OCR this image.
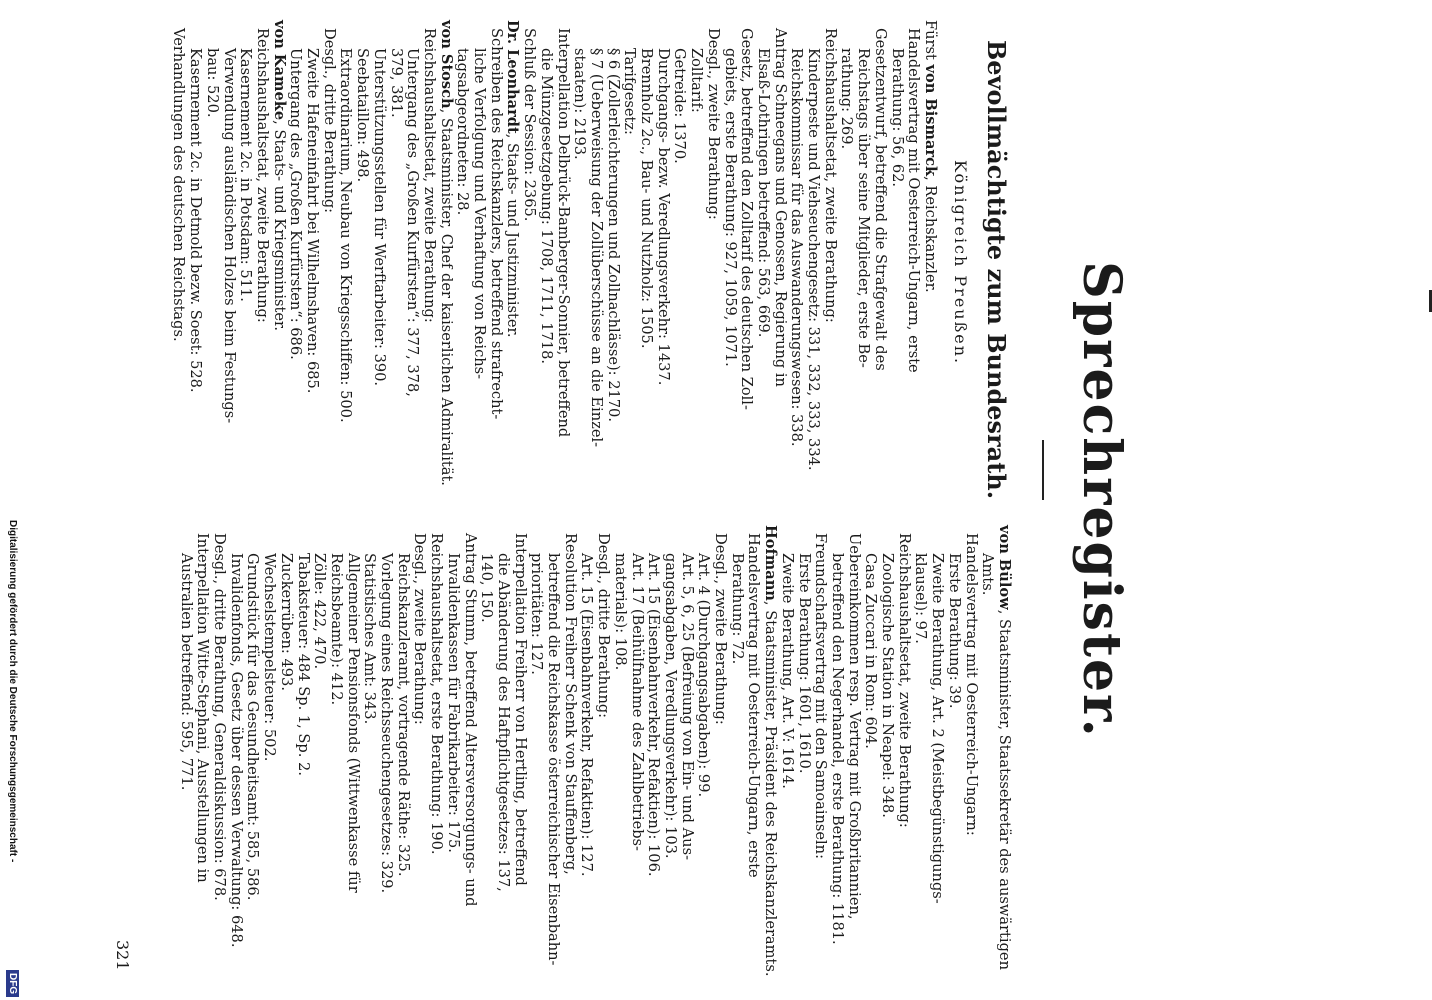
Sprechregister.
Bevollmächtigte zum Bundesrath.

Königreich Preußen.

Fürst von Bismarck, Reichskanzler.

Handelsvertrag mit Oesterreich-Ungarn, erste

Berathung: 56, 62.

Gesetzentwurf, betreffend die Strafgewalt des

Reichstags über seine Mitglieder, erste Be-

rathung: 269.

Reichshaushaltsetat, zweite Berathung:

Kinderpeste und Viehseuchengesetz: 331, 332, 333, 334.

Reichskommissar für das Auswanderungswesen: 338.

Antrag Schneegans und Genossen, Regierung in

Elsaß-Lothringen betreffend: 563, 669.

Gesetz, betreffend den Zolltarif des deutschen Zoll-

gebiets, erste Berathung: 927, 1059, 1071.

Desgl., zweite Berathung:

Zolltarif:

Getreide: 1370.

Durchgangs- bezw. Veredlungsverkehr: 1437.

Brennholz 2c., Bau- und Nutzholz: 1505.

Tarifgesetz:

§ 6 (Zollerleichterungen und Zollnachlässe): 2170.

§ 7 (Ueberweisung der Zollüberschüsse an die Einzel-

staaten): 2193.

Interpellation Delbrück-Bamberger-Sonnier, betreffend

die Münzgesetzgebung: 1708, 1711, 1718.

Schluß der Session: 2365.

Dr. Leonhardt, Staats- und Justizminister.

Schreiben des Reichskanzlers, betreffend strafrecht-

liche Verfolgung und Verhaftung von Reichs-

tagsabgeordneten: 28.

von Stosch, Staatsminister, Chef der kaiserlichen Admiralität.

Reichshaushaltsetat, zweite Berathung:

Untergang des „Großen Kurfürsten“: 377, 378,

379, 381.

Unterstützungsstellen für Werftarbeiter: 390.

Seebataillon: 498.

Extraordinarium, Neubau von Kriegsschiffen: 500.

Desgl., dritte Berathung:

Zweite Hafeneinfahrt bei Wilhelmshaven: 685.

Untergang des „Großen Kurfürsten“: 686.

von Kameke, Staats- und Kriegsminister.

Reichshaushaltsetat, zweite Berathung:

Kasernement 2c. in Potsdam: 511.

Verwendung ausländischen Holzes beim Festungs-

bau: 520.

Kasernement 2c. in Detmold bezw. Soest: 528.

Verhandlungen des deutschen Reichstags.

von Bülow, Staatsminister, Staatssekretär des auswärtigen

Amts.

Handelsvertrag mit Oesterreich-Ungarn:

Erste Berathung: 39.

Zweite Berathung, Art. 2 (Meistbegünstigungs-

klausel): 97.

Reichshaushaltsetat, zweite Berathung:

Zoologische Station in Neapel: 348.

Casa Zuccari in Rom: 604.

Uebereinkommen resp. Vertrag mit Großbritannien,

betreffend den Negerhandel, erste Berathung: 1181.

Freundschaftsvertrag mit den Samoainseln:

Erste Berathung: 1601, 1610.

Zweite Berathung, Art. V: 1614.

Hofmann, Staatsminister, Präsident des Reichskanzleramts.

Handelsvertrag mit Oesterreich-Ungarn, erste

Berathung: 72.

Desgl., zweite Berathung:

Art. 4 (Durchgangsabgaben): 99.

Art. 5, 6, 25 (Befreiung von Ein- und Aus-

gangsabgaben, Veredlungsverkehr): 103.

Art. 15 (Eisenbahnverkehr, Refaktien): 106.

Art. 17 (Beihülfnahme des Zahlbetriebs-

materials): 108.

Desgl., dritte Berathung:

Art. 15 (Eisenbahnverkehr, Refaktien): 127.

Resolution Freiherr Schenk von Stauffenberg,

betreffend die Reichskasse österreichischer Eisenbahn-

prioritäten: 127.

Interpellation Freiherr von Hertling, betreffend

die Abänderung des Haftpflichtgesetzes: 137,

140, 150.

Antrag Stumm, betreffend Altersversorgungs- und

Invalidenkassen für Fabrikarbeiter: 175.

Reichshaushaltsetat, erste Berathung: 190.

Desgl., zweite Berathung:

Reichskanzleramt, vortragende Räthe: 325.

Vorlegung eines Reichsseuchengesetzes: 329.

Statistisches Amt: 343.

Allgemeiner Pensionsfonds (Wittwenkasse für

Reichsbeamte): 412.

Zölle: 422, 470.

Tabaksteuer: 484 Sp. 1, Sp. 2.

Zuckerrüben: 493.

Wechselstempelsteuer: 502.

Grundstück für das Gesundheitsamt: 585, 586.

Invalidenfonds, Gesetz über dessen Verwaltung: 648.

Desgl., dritte Berathung, Generaldiskussion: 678.

Interpellation Witte-Stephani, Ausstellungen in

Australien betreffend: 595, 771.

321

Digitalisierung gefördert durch die Deutsche Forschungsgemeinschaft -

DFG
